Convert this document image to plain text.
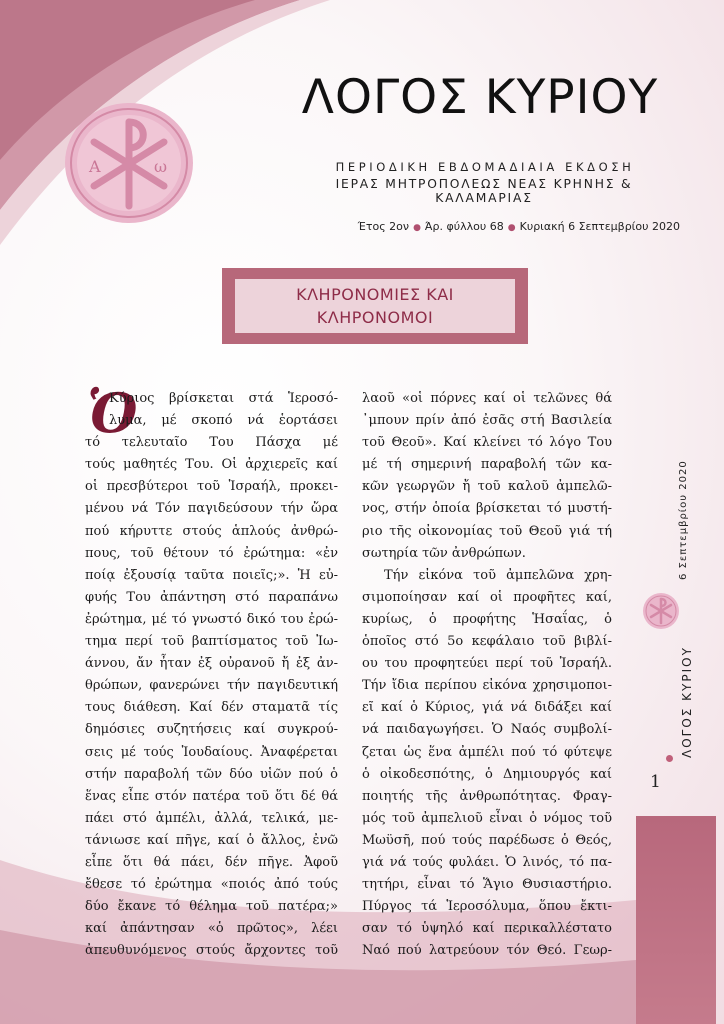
A	ω
ΛΟΓΟΣ ΚΥΡΙΟΥ
ΠΕΡΙΟΔΙΚΗ ΕΒΔΟΜΑΔΙΑΙΑ ΕΚΔΟΣΗ
ΙΕΡΑΣ ΜΗΤΡΟΠΟΛΕΩΣ ΝΕΑΣ ΚΡΗΝΗΣ & ΚΑΛΑΜΑΡΙΑΣ
Έτος 2ον ● Άρ. φύλλου 68 ● Κυριακή 6 Σεπτεμβρίου 2020
ΚΛΗΡΟΝΟΜΙΕΣ ΚΑΙ
ΚΛΗΡΟΝΟΜΟΙ
Ὁ
Κύριος βρίσκεται στά Ἱεροσό-
λυμα, μέ σκοπό νά ἑορτάσει
τό τελευταῖο Του Πάσχα μέ
τούς μαθητές Του. Οἱ ἀρχιερεῖς καί
οἱ πρεσβύτεροι τοῦ Ἰσραήλ, προκει-
μένου νά Τόν παγιδεύσουν τήν ὥρα
πού κήρυττε στούς ἁπλούς ἀνθρώ-
πους, τοῦ θέτουν τό ἐρώτημα: «ἐν
ποίᾳ ἐξουσίᾳ ταῦτα ποιεῖς;». Ἡ εὐ-
φυής Του ἀπάντηση στό παραπάνω
ἐρώτημα, μέ τό γνωστό δικό του ἐρώ-
τημα περί τοῦ βαπτίσματος τοῦ Ἰω-
άννου, ἄν ἦταν ἐξ οὐρανοῦ ἤ ἐξ ἀν-
θρώπων, φανερώνει τήν παγιδευτική
τους διάθεση. Καί δέν σταματᾶ τίς
δημόσιες συζητήσεις καί συγκρού-
σεις μέ τούς Ἰουδαίους. Ἀναφέρεται
στήν παραβολή τῶν δύο υἱῶν πού ὁ
ἕνας εἶπε στόν πατέρα τοῦ ὅτι δέ θά
πάει στό ἀμπέλι, ἀλλά, τελικά, με-
τάνιωσε καί πῆγε, καί ὁ ἄλλος, ἐνῶ
εἶπε ὅτι θά πάει, δέν πῆγε. Ἀφοῦ
ἔθεσε τό ἐρώτημα «ποιός ἀπό τούς
δύο ἔκανε τό θέλημα τοῦ πατέρα;»
καί ἀπάντησαν «ὁ πρῶτος», λέει
ἀπευθυνόμενος στούς ἄρχοντες τοῦ
λαοῦ «οἱ πόρνες καί οἱ τελῶνες θά
᾿μπουν πρίν ἀπό ἐσᾶς στή Βασιλεία
τοῦ Θεοῦ». Καί κλείνει τό λόγο Του
μέ τή σημερινή παραβολή τῶν κα-
κῶν γεωργῶν ἤ τοῦ καλοῦ ἀμπελῶ-
νος, στήν ὁποία βρίσκεται τό μυστή-
ριο τῆς οἰκονομίας τοῦ Θεοῦ γιά τή
σωτηρία τῶν ἀνθρώπων.
Τήν εἰκόνα τοῦ ἀμπελῶνα χρη-
σιμοποίησαν καί οἱ προφῆτες καί,
κυρίως, ὁ προφήτης Ἡσαΐας, ὁ
ὁποῖος στό 5ο κεφάλαιο τοῦ βιβλί-
ου του προφητεύει περί τοῦ Ἰσραήλ.
Τήν ἴδια περίπου εἰκόνα χρησιμοποι-
εῖ καί ὁ Κύριος, γιά νά διδάξει καί
νά παιδαγωγήσει. Ὁ Ναός συμβολί-
ζεται ὡς ἕνα ἀμπέλι πού τό φύτεψε
ὁ οἰκοδεσπότης, ὁ Δημιουργός καί
ποιητής τῆς ἀνθρωπότητας. Φραγ-
μός τοῦ ἀμπελιοῦ εἶναι ὁ νόμος τοῦ
Μωϋσῆ, πού τούς παρέδωσε ὁ Θεός,
γιά νά τούς φυλάει. Ὁ λινός, τό πα-
τητήρι, εἶναι τό Ἅγιο Θυσιαστήριο.
Πύργος τά Ἱεροσόλυμα, ὅπου ἔκτι-
σαν τό ὑψηλό καί περικαλλέστατο
Ναό πού λατρεύουν τόν Θεό. Γεωρ-
6 Σεπτεμβρίου 2020
ΛΟΓΟΣ ΚΥΡΙΟΥ
1
